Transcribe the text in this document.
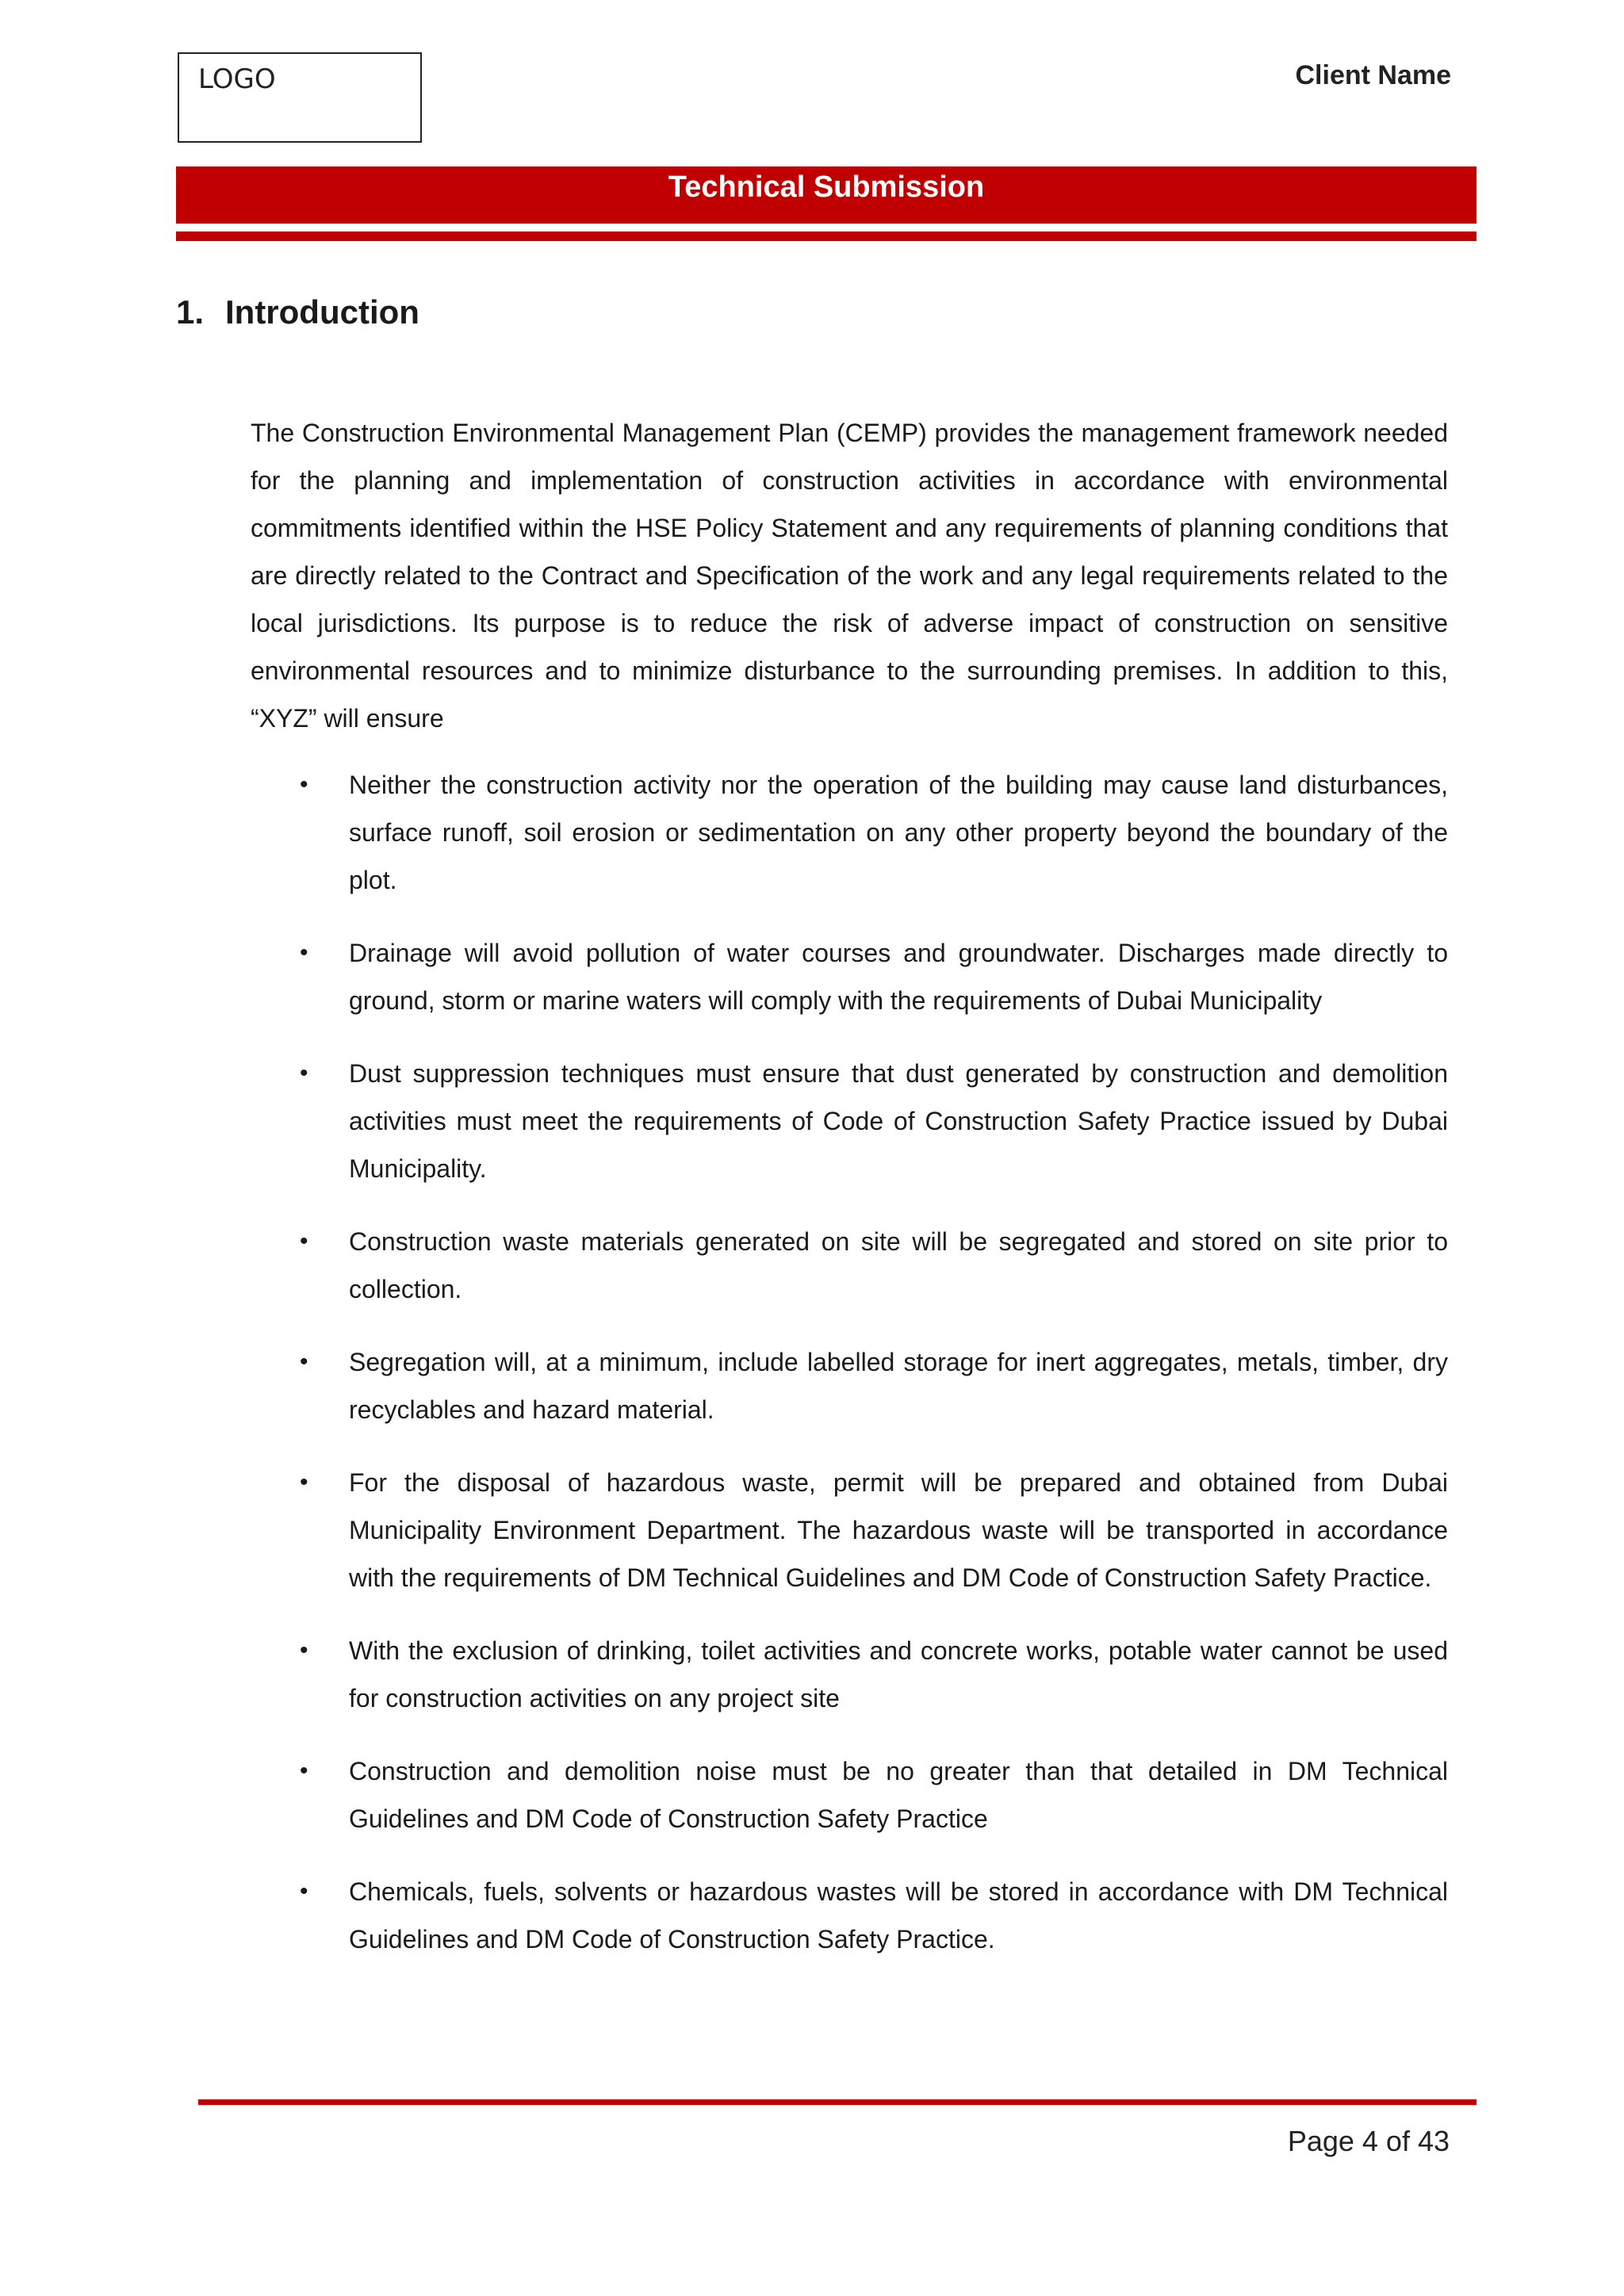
LOGO	Client Name
Technical Submission
1. Introduction

The Construction Environmental Management Plan (CEMP) provides the management framework needed for the planning and implementation of construction activities in accordance with environmental commitments identified within the HSE Policy Statement and any requirements of planning conditions that are directly related to the Contract and Specification of the work and any legal requirements related to the local jurisdictions. Its purpose is to reduce the risk of adverse impact of construction on sensitive environmental resources and to minimize disturbance to the surrounding premises. In addition to this, “XYZ” will ensure

• Neither the construction activity nor the operation of the building may cause land disturbances, surface runoff, soil erosion or sedimentation on any other property beyond the boundary of the plot.
• Drainage will avoid pollution of water courses and groundwater. Discharges made directly to ground, storm or marine waters will comply with the requirements of Dubai Municipality
• Dust suppression techniques must ensure that dust generated by construction and demolition activities must meet the requirements of Code of Construction Safety Practice issued by Dubai Municipality.
• Construction waste materials generated on site will be segregated and stored on site prior to collection.
• Segregation will, at a minimum, include labelled storage for inert aggregates, metals, timber, dry recyclables and hazard material.
• For the disposal of hazardous waste, permit will be prepared and obtained from Dubai Municipality Environment Department. The hazardous waste will be transported in accordance with the requirements of DM Technical Guidelines and DM Code of Construction Safety Practice.
• With the exclusion of drinking, toilet activities and concrete works, potable water cannot be used for construction activities on any project site
• Construction and demolition noise must be no greater than that detailed in DM Technical Guidelines and DM Code of Construction Safety Practice
• Chemicals, fuels, solvents or hazardous wastes will be stored in accordance with DM Technical Guidelines and DM Code of Construction Safety Practice.
Page 4 of 43
